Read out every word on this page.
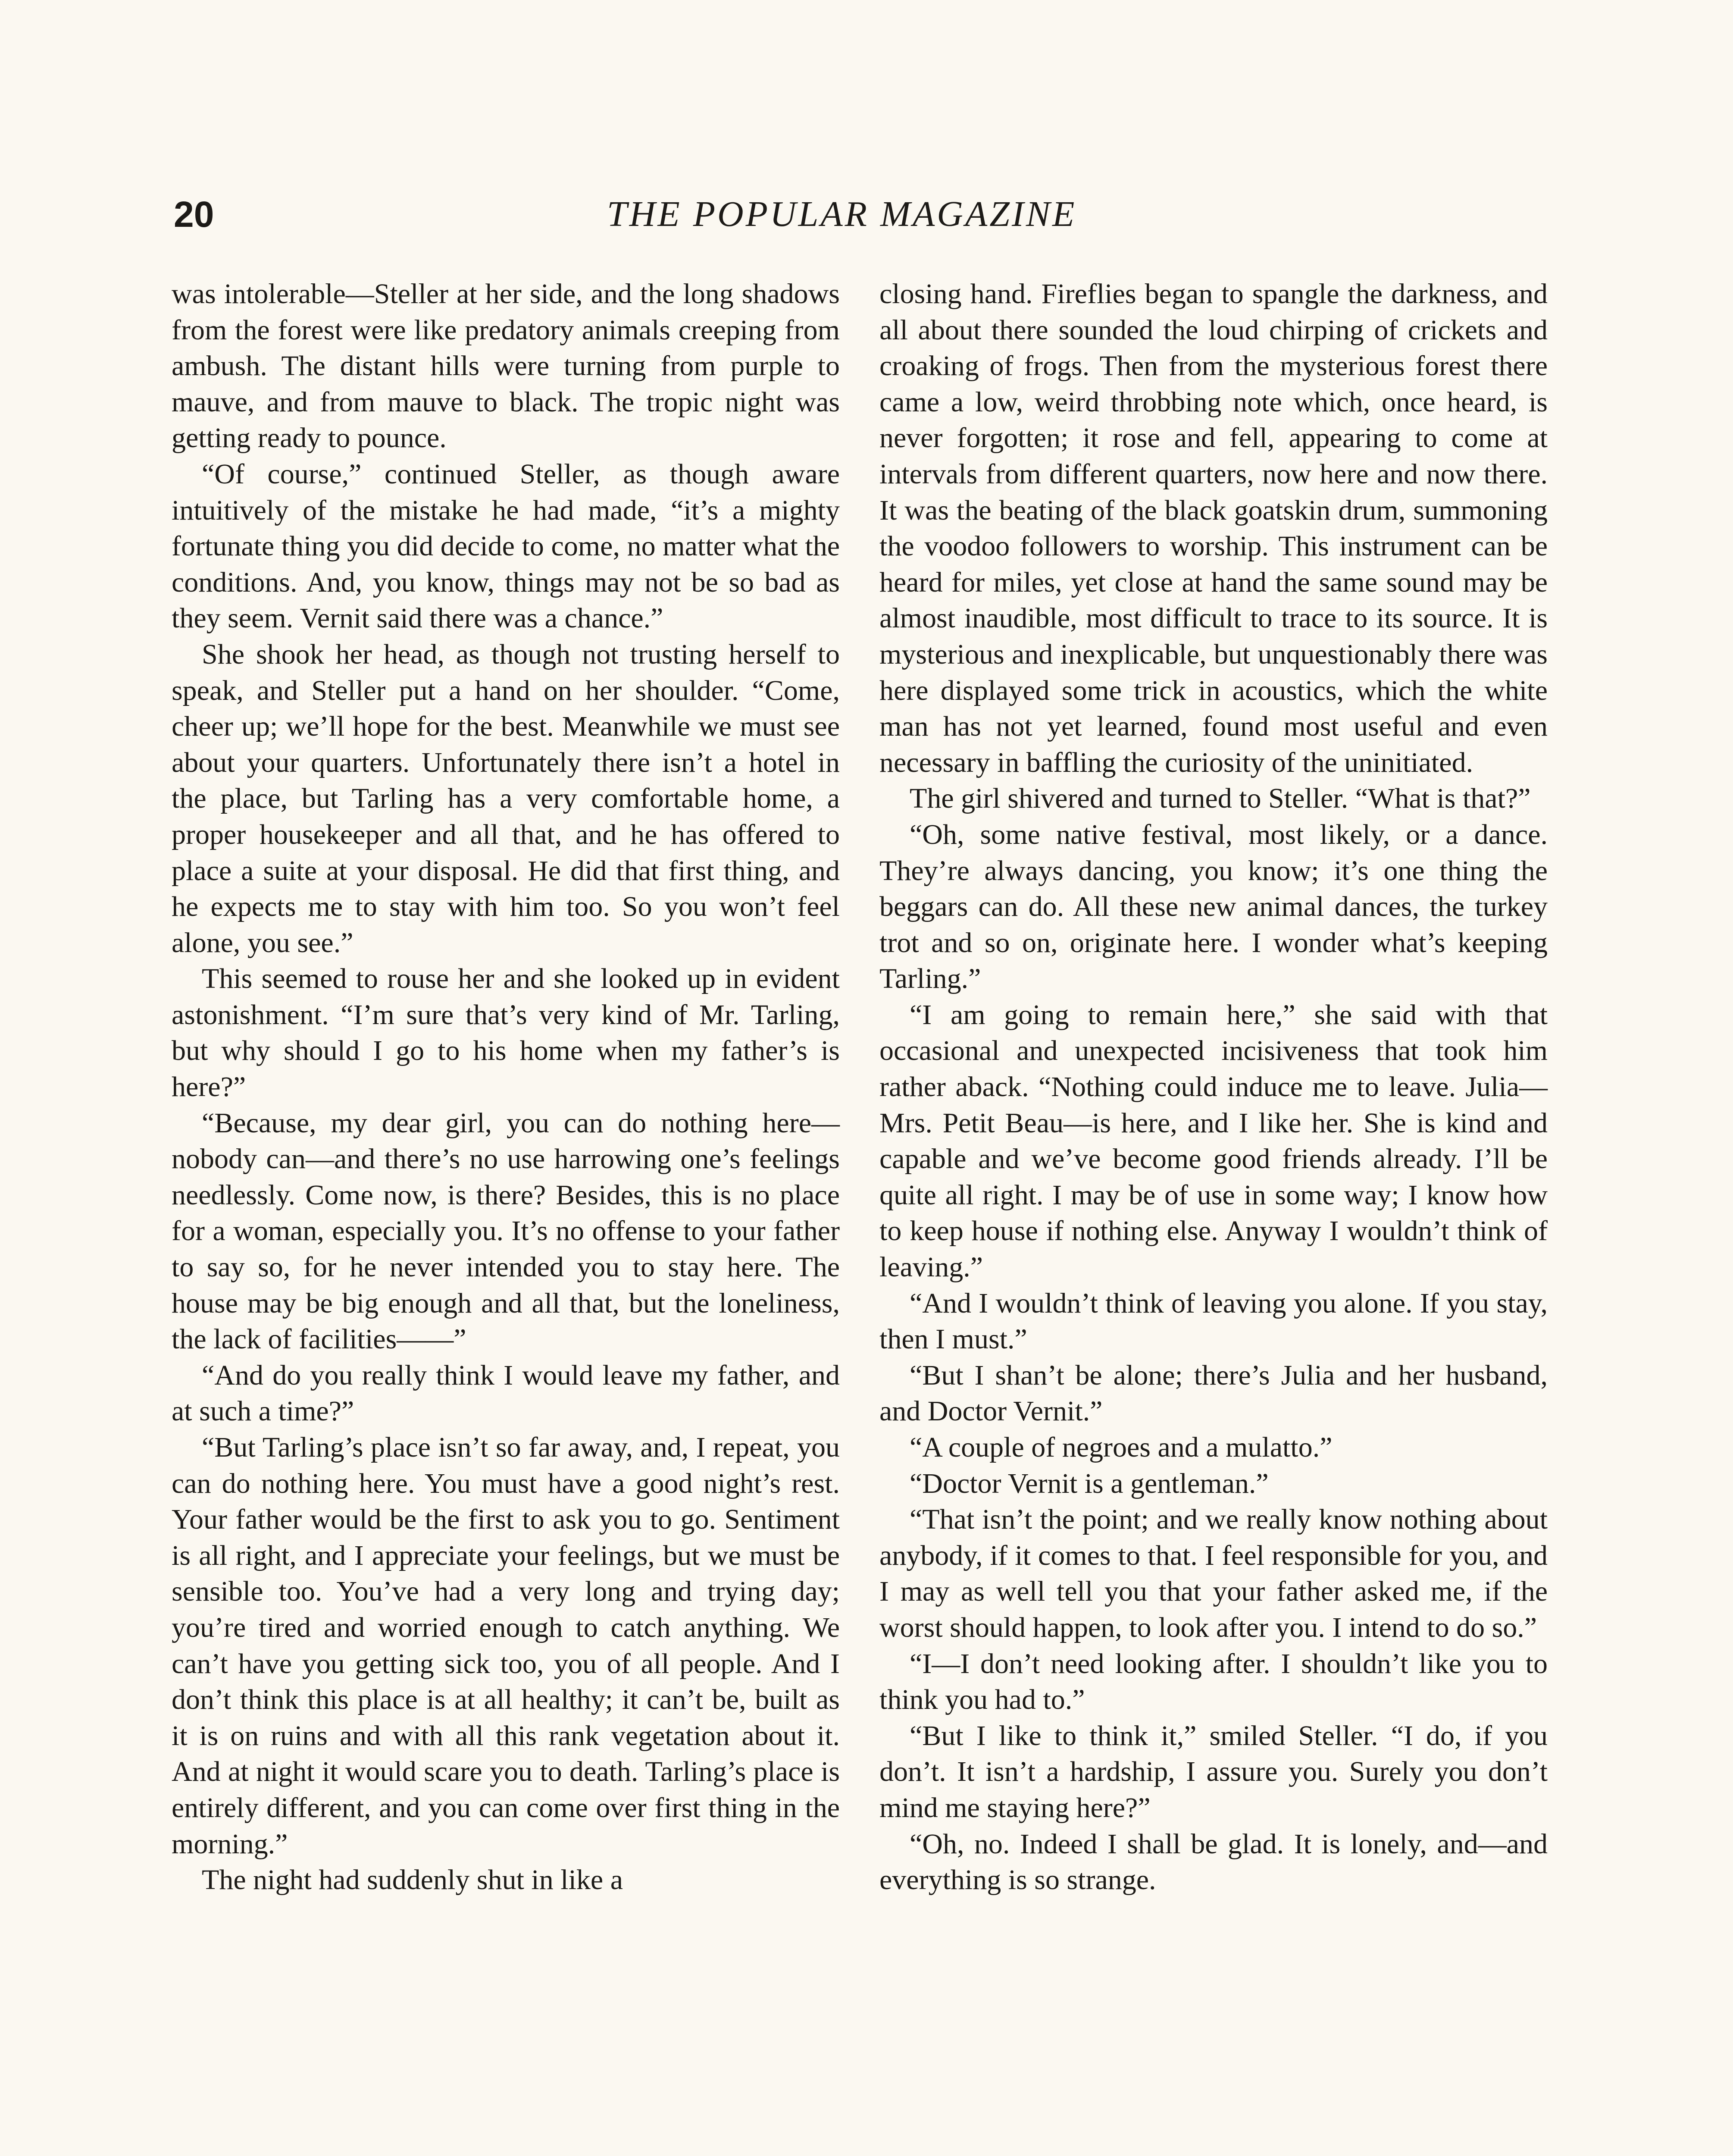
20	THE POPULAR MAGAZINE

was intolerable—Steller at her side, and the long shadows from the forest were like predatory animals creeping from ambush. The distant hills were turning from purple to mauve, and from mauve to black. The tropic night was getting ready to pounce.

“Of course,” continued Steller, as though aware intuitively of the mistake he had made, “it’s a mighty fortunate thing you did decide to come, no matter what the conditions. And, you know, things may not be so bad as they seem. Vernit said there was a chance.”

She shook her head, as though not trusting herself to speak, and Steller put a hand on her shoulder. “Come, cheer up; we’ll hope for the best. Meanwhile we must see about your quarters. Unfortunately there isn’t a hotel in the place, but Tarling has a very comfortable home, a proper housekeeper and all that, and he has offered to place a suite at your disposal. He did that first thing, and he expects me to stay with him too. So you won’t feel alone, you see.”

This seemed to rouse her and she looked up in evident astonishment. “I’m sure that’s very kind of Mr. Tarling, but why should I go to his home when my father’s is here?”

“Because, my dear girl, you can do nothing here—nobody can—and there’s no use harrowing one’s feelings needlessly. Come now, is there? Besides, this is no place for a woman, especially you. It’s no offense to your father to say so, for he never intended you to stay here. The house may be big enough and all that, but the loneliness, the lack of facilities——”

“And do you really think I would leave my father, and at such a time?”

“But Tarling’s place isn’t so far away, and, I repeat, you can do nothing here. You must have a good night’s rest. Your father would be the first to ask you to go. Sentiment is all right, and I appreciate your feelings, but we must be sensible too. You’ve had a very long and trying day; you’re tired and worried enough to catch anything. We can’t have you getting sick too, you of all people. And I don’t think this place is at all healthy; it can’t be, built as it is on ruins and with all this rank vegetation about it. And at night it would scare you to death. Tarling’s place is entirely different, and you can come over first thing in the morning.”

The night had suddenly shut in like a

closing hand. Fireflies began to spangle the darkness, and all about there sounded the loud chirping of crickets and croaking of frogs. Then from the mysterious forest there came a low, weird throbbing note which, once heard, is never forgotten; it rose and fell, appearing to come at intervals from different quarters, now here and now there. It was the beating of the black goatskin drum, summoning the voodoo followers to worship. This instrument can be heard for miles, yet close at hand the same sound may be almost inaudible, most difficult to trace to its source. It is mysterious and inexplicable, but unquestionably there was here displayed some trick in acoustics, which the white man has not yet learned, found most useful and even necessary in baffling the curiosity of the uninitiated.

The girl shivered and turned to Steller. “What is that?”

“Oh, some native festival, most likely, or a dance. They’re always dancing, you know; it’s one thing the beggars can do. All these new animal dances, the turkey trot and so on, originate here. I wonder what’s keeping Tarling.”

“I am going to remain here,” she said with that occasional and unexpected incisiveness that took him rather aback. “Nothing could induce me to leave. Julia—Mrs. Petit Beau—is here, and I like her. She is kind and capable and we’ve become good friends already. I’ll be quite all right. I may be of use in some way; I know how to keep house if nothing else. Anyway I wouldn’t think of leaving.”

“And I wouldn’t think of leaving you alone. If you stay, then I must.”

“But I shan’t be alone; there’s Julia and her husband, and Doctor Vernit.”

“A couple of negroes and a mulatto.”

“Doctor Vernit is a gentleman.”

“That isn’t the point; and we really know nothing about anybody, if it comes to that. I feel responsible for you, and I may as well tell you that your father asked me, if the worst should happen, to look after you. I intend to do so.”

“I—I don’t need looking after. I shouldn’t like you to think you had to.”

“But I like to think it,” smiled Steller. “I do, if you don’t. It isn’t a hardship, I assure you. Surely you don’t mind me staying here?”

“Oh, no. Indeed I shall be glad. It is lonely, and—and everything is so strange.
